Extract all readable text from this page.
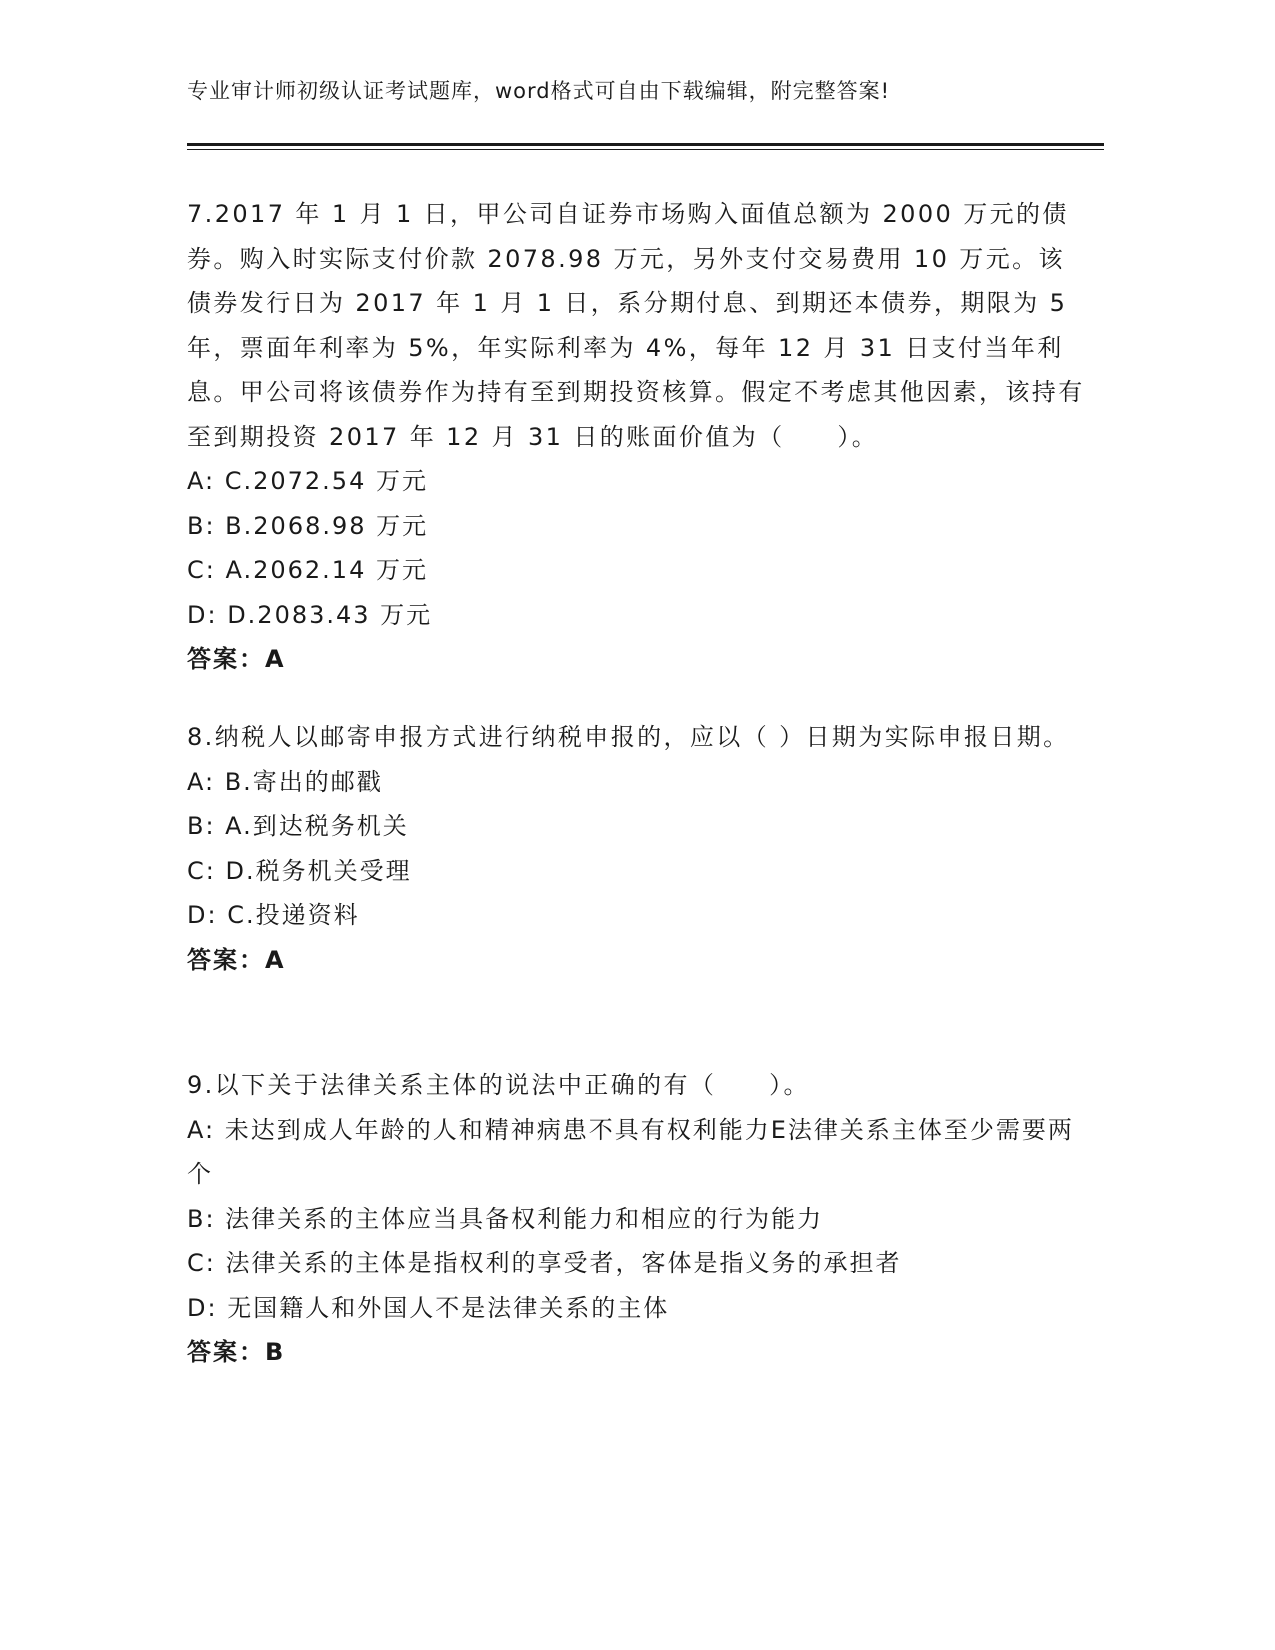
专业审计师初级认证考试题库，word格式可自由下载编辑，附完整答案!

7.2017 年 1 月 1 日，甲公司自证券市场购入面值总额为 2000 万元的债券。购入时实际支付价款 2078.98 万元，另外支付交易费用 10 万元。该债券发行日为 2017 年 1 月 1 日，系分期付息、到期还本债券，期限为 5 年，票面年利率为 5%，年实际利率为 4%，每年 12 月 31 日支付当年利息。甲公司将该债券作为持有至到期投资核算。假定不考虑其他因素，该持有至到期投资 2017 年 12 月 31 日的账面价值为（　　）。

A: C.2072.54 万元
B: B.2068.98 万元
C: A.2062.14 万元
D: D.2083.43 万元
答案：A

8.纳税人以邮寄申报方式进行纳税申报的，应以（ ）日期为实际申报日期。

A: B.寄出的邮戳
B: A.到达税务机关
C: D.税务机关受理
D: C.投递资料
答案：A

9.以下关于法律关系主体的说法中正确的有（　　）。

A: 未达到成人年龄的人和精神病患不具有权利能力E法律关系主体至少需要两个
B: 法律关系的主体应当具备权利能力和相应的行为能力
C: 法律关系的主体是指权利的享受者，客体是指义务的承担者
D: 无国籍人和外国人不是法律关系的主体
答案：B
